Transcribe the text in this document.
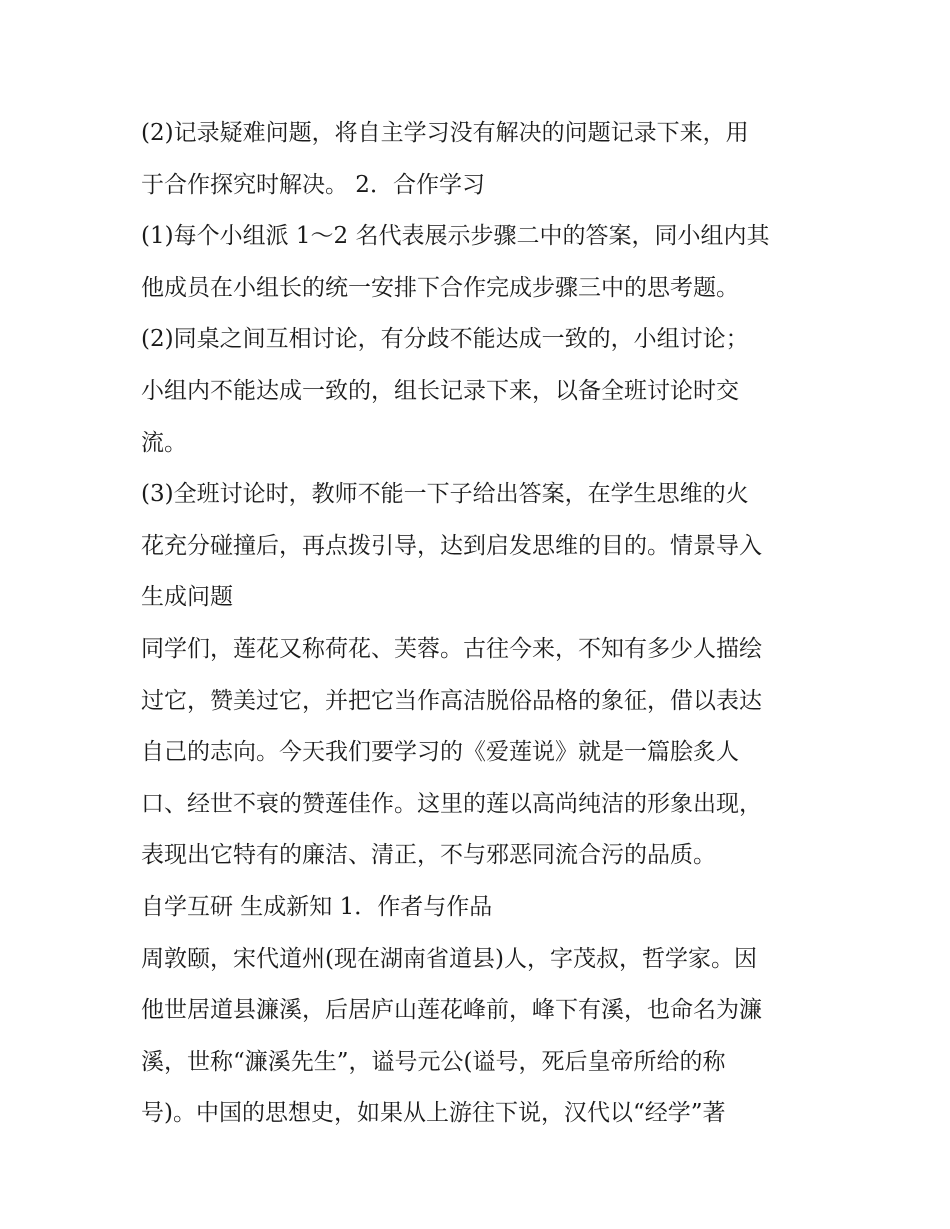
(2)记录疑难问题，将自主学习没有解决的问题记录下来，用
于合作探究时解决。 2．合作学习
(1)每个小组派 1～2 名代表展示步骤二中的答案，同小组内其
他成员在小组长的统一安排下合作完成步骤三中的思考题。
(2)同桌之间互相讨论，有分歧不能达成一致的，小组讨论；
小组内不能达成一致的，组长记录下来，以备全班讨论时交
流。
(3)全班讨论时，教师不能一下子给出答案，在学生思维的火
花充分碰撞后，再点拨引导，达到启发思维的目的。情景导入
生成问题
同学们，莲花又称荷花、芙蓉。古往今来，不知有多少人描绘
过它，赞美过它，并把它当作高洁脱俗品格的象征，借以表达
自己的志向。今天我们要学习的《爱莲说》就是一篇脍炙人
口、经世不衰的赞莲佳作。这里的莲以高尚纯洁的形象出现，
表现出它特有的廉洁、清正，不与邪恶同流合污的品质。
自学互研 生成新知 1．作者与作品
周敦颐，宋代道州(现在湖南省道县)人，字茂叔，哲学家。因
他世居道县濂溪，后居庐山莲花峰前，峰下有溪，也命名为濂
溪，世称“濂溪先生”，谥号元公(谥号，死后皇帝所给的称
号)。中国的思想史，如果从上游往下说，汉代以“经学”著
